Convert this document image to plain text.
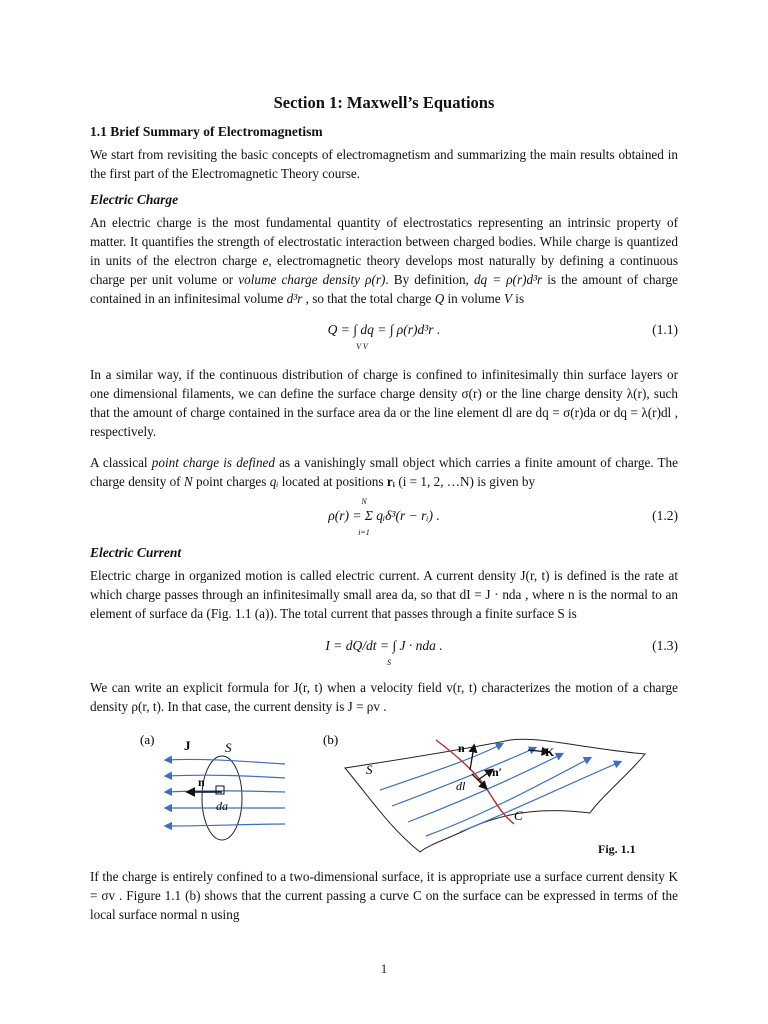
Section 1: Maxwell’s Equations
1.1 Brief Summary of Electromagnetism

We start from revisiting the basic concepts of electromagnetism and summarizing the main results obtained in the first part of the Electromagnetic Theory course.

Electric Charge

An electric charge is the most fundamental quantity of electrostatics representing an intrinsic property of matter. It quantifies the strength of electrostatic interaction between charged bodies. While charge is quantized in units of the electron charge e, electromagnetic theory develops most naturally by defining a continuous charge per unit volume or volume charge density ρ(r). By definition, dq = ρ(r)d³r is the amount of charge contained in an infinitesimal volume d³r , so that the total charge Q in volume V is

Q = ∫ dq = ∫ ρ(r)d³r .
V V
(1.1)

In a similar way, if the continuous distribution of charge is confined to infinitesimally thin surface layers or one dimensional filaments, we can define the surface charge density σ(r) or the line charge density λ(r), such that the amount of charge contained in the surface area da or the line element dl are dq = σ(r)da or dq = λ(r)dl , respectively.

A classical point charge is defined as a vanishingly small object which carries a finite amount of charge. The charge density of N point charges qᵢ located at positions rᵢ (i = 1, 2, …N) is given by

N
ρ(r) = Σ qᵢδ³(r − rᵢ) .
i=1
(1.2)
Electric Current

Electric charge in organized motion is called electric current. A current density J(r, t) is defined is the rate at which charge passes through an infinitesimally small area da, so that dI = J · nda , where n is the normal to an element of surface da (Fig. 1.1 (a)). The total current that passes through a finite surface S is

I = dQ/dt = ∫ J · nda .
S
(1.3)

We can write an explicit formula for J(r, t) when a velocity field v(r, t) characterizes the motion of a charge density ρ(r, t). In that case, the current density is J = ρv .

(a) J	S
n
da
(b)
n	K
S	n′
dl
C
Fig. 1.1

If the charge is entirely confined to a two-dimensional surface, it is appropriate use a surface current density K = σv . Figure 1.1 (b) shows that the current passing a curve C on the surface can be expressed in terms of the local surface normal n using

1
